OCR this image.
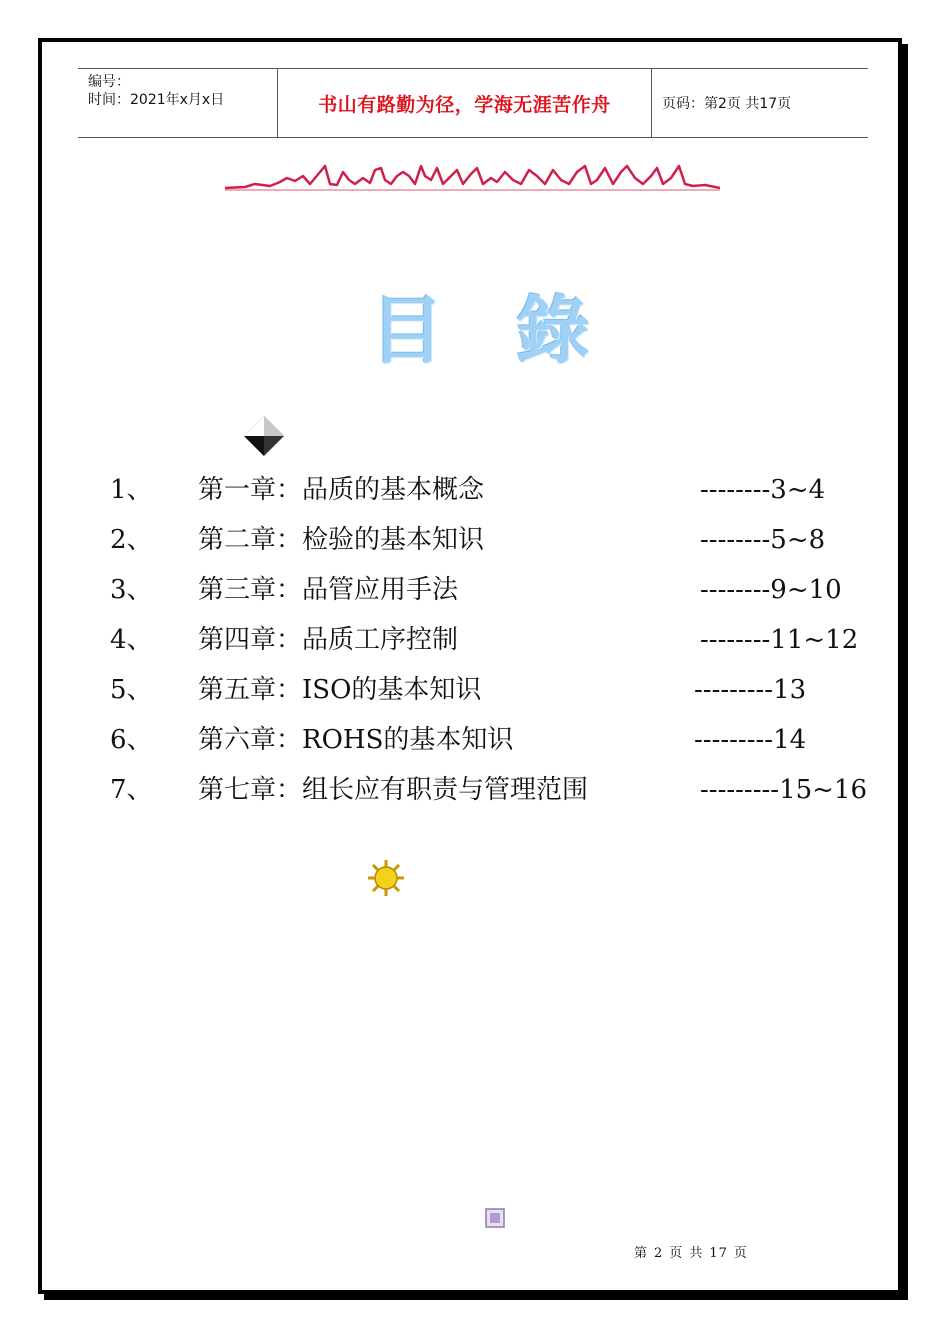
编号：
时间：2021年x月x日	书山有路勤为径，学海无涯苦作舟	页码：第2页 共17页
目 錄
1、 第一章：品质的基本概念	--------3~4
2、 第二章：检验的基本知识	--------5~8
3、 第三章：品管应用手法	--------9~10
4、 第四章：品质工序控制	--------11~12
5、 第五章：ISO的基本知识	---------13
6、 第六章：ROHS的基本知识	---------14
7、 第七章：组长应有职责与管理范围	---------15~16
第 2 页 共 17 页
